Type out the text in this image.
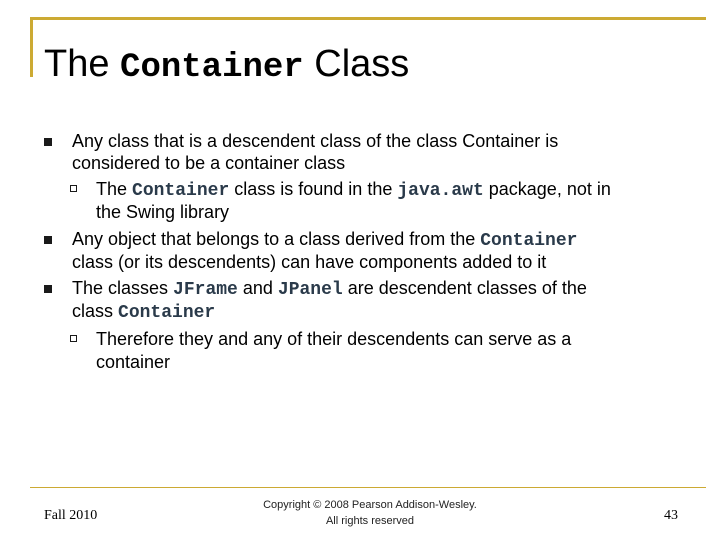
The Container Class
Any class that is a descendent class of the class Container is
considered to be a container class
The Container class is found in the java.awt package, not in
the Swing library
Any object that belongs to a class derived from the Container
class (or its descendents) can have components added to it
The classes JFrame and JPanel are descendent classes of the
class Container
Therefore they and any of their descendents can serve as a
container
Fall 2010
Copyright © 2008 Pearson Addison-Wesley.
All rights reserved	43
